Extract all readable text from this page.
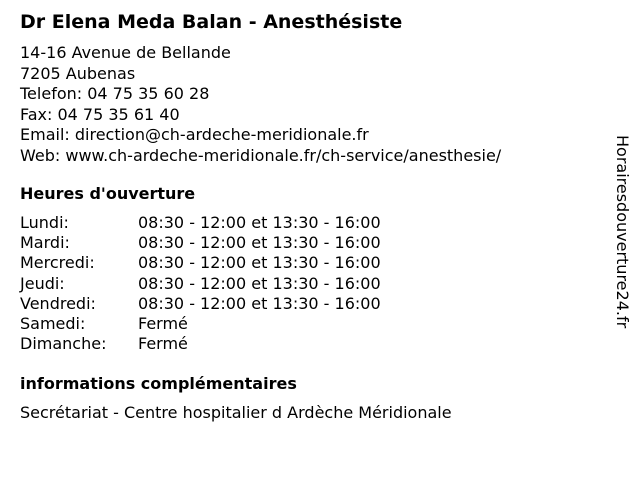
Dr Elena Meda Balan - Anesthésiste
14-16 Avenue de Bellande
7205 Aubenas
Telefon: 04 75 35 60 28
Fax: 04 75 35 61 40
Email: direction@ch-ardeche-meridionale.fr
Web: www.ch-ardeche-meridionale.fr/ch-service/anesthesie/
Heures d'ouverture
Lundi:	08:30 - 12:00 et 13:30 - 16:00
Mardi:	08:30 - 12:00 et 13:30 - 16:00
Mercredi:	08:30 - 12:00 et 13:30 - 16:00
Jeudi:	08:30 - 12:00 et 13:30 - 16:00
Vendredi:	08:30 - 12:00 et 13:30 - 16:00
Samedi:	Fermé
Dimanche: Fermé
informations complémentaires
Secrétariat - Centre hospitalier d Ardèche Méridionale
Horairesdouverture24.fr
